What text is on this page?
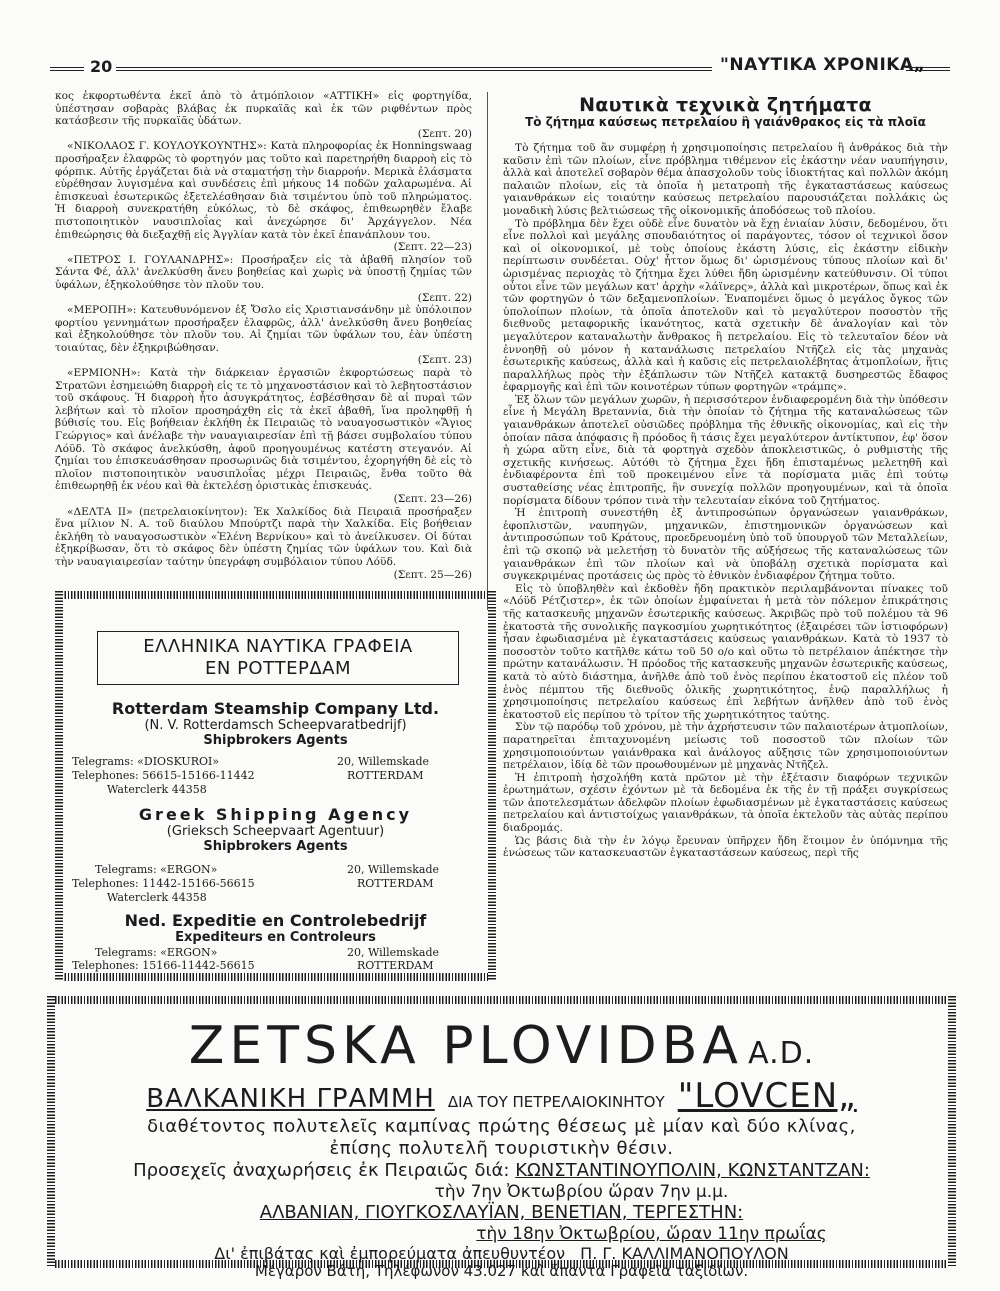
20	"ΝΑΥΤΙΚΑ ΧΡΟΝΙΚΑ„

κος ἐκφορτωθέντα ἐκεῖ ἀπὸ τὸ ἀτμόπλοιον «ΑΤΤΙΚΗ» εἰς φορτηγίδα, ὑπέστησαν σοβαρὰς βλάβας ἐκ πυρκαϊᾶς καὶ ἐκ τῶν ριφθέντων πρὸς κατάσβεσιν τῆς πυρκαϊᾶς ὑδάτων.
(Σεπτ. 20)

«ΝΙΚΟΛΑΟΣ Γ. ΚΟΥΛΟΥΚΟΥΝΤΗΣ»: Κατὰ πληροφορίας ἐκ Honningswaag προσήραξεν ἐλαφρῶς τὸ φορτηγόν μας τοῦτο καὶ παρετηρήθη διαρροὴ εἰς τὸ φόρπικ. Αὐτῆς ἐργάζεται διὰ νὰ σταματήσῃ τὴν διαρροήν. Μερικὰ ἐλάσματα εὑρέθησαν λυγισμένα καὶ συνδέσεις ἐπὶ μήκους 14 ποδῶν χαλαρωμένα. Αἱ ἐπισκευαὶ ἐσωτερικῶς ἐξετελέσθησαν διὰ τσιμέντου ὑπὸ τοῦ πληρώματος. Ἡ διαρροὴ συνεκρατήθη εὐκόλως, τὸ δὲ σκάφος, ἐπιθεωρηθὲν ἔλαβε πιστοποιητικὸν ναυσιπλοΐας καὶ ἀνεχώρησε δι' Ἀρχάγγελον. Νέα ἐπιθεώρησις θὰ διεξαχθῇ εἰς Ἀγγλίαν κατὰ τὸν ἐκεῖ ἐπανάπλουν του.
(Σεπτ. 22—23)

«ΠΕΤΡΟΣ Ι. ΓΟΥΛΑΝΔΡΗΣ»: Προσήραξεν εἰς τὰ ἀβαθῆ πλησίον τοῦ Σάντα Φέ, ἀλλ' ἀνελκύσθη ἄνευ βοηθείας καὶ χωρὶς νὰ ὑποστῇ ζημίας τῶν ὑφάλων, ἐξηκολούθησε τὸν πλοῦν του.
(Σεπτ. 22)

«ΜΕΡΟΠΗ»: Κατευθυνόμενον ἐξ Ὄσλο εἰς Χριστιανσάνδην μὲ ὑπόλοιπον φορτίου γεννημάτων προσήραξεν ἐλαφρῶς, ἀλλ' ἀνελκύσθη ἄνευ βοηθείας καὶ ἐξηκολούθησε τὸν πλοῦν του. Αἱ ζημίαι τῶν ὑφάλων του, ἐὰν ὑπέστη τοιαύτας, δὲν ἐξηκριβώθησαν.
(Σεπτ. 23)

«ΕΡΜΙΟΝΗ»: Κατὰ τὴν διάρκειαν ἐργασιῶν ἐκφορτώσεως παρὰ τὸ Στρατῶνι ἐσημειώθη διαρροὴ εἰς τε τὸ μηχανοστάσιον καὶ τὸ λεβητοστάσιον τοῦ σκάφους. Ἡ διαρροὴ ἦτο ἀσυγκράτητος, ἐσβέσθησαν δὲ αἱ πυραὶ τῶν λεβήτων καὶ τὸ πλοῖον προσηράχθη εἰς τὰ ἐκεῖ ἀβαθῆ, ἵνα προληφθῇ ἡ βύθισίς του. Εἰς βοήθειαν ἐκλήθη ἐκ Πειραιῶς τὸ ναυαγοσωστικὸν «Ἅγιος Γεώργιος» καὶ ἀνέλαβε τὴν ναυαγιαιρεσίαν ἐπὶ τῇ βάσει συμβολαίου τύπου Λόϋδ. Τὸ σκάφος ἀνελκύσθη, ἀφοῦ προηγουμένως κατέστη στεγανόν. Αἱ ζημίαι του ἐπισκευάσθησαν προσωρινῶς διὰ τσιμέντου, ἐχορηγήθη δὲ εἰς τὸ πλοῖον πιστοποιητικὸν ναυσιπλοΐας μέχρι Πειραιῶς, ἔνθα τοῦτο θὰ ἐπιθεωρηθῇ ἐκ νέου καὶ θὰ ἐκτελέσῃ ὁριστικὰς ἐπισκευάς.
(Σεπτ. 23—26)

«ΔΕΛΤΑ ΙΙ» (πετρελαιοκίνητον): Ἐκ Χαλκίδος διὰ Πειραιᾶ προσήραξεν ἕνα μίλιον Ν. Α. τοῦ διαύλου Μπούρτζι παρὰ τὴν Χαλκίδα. Εἰς βοήθειαν ἐκλήθη τὸ ναυαγοσωστικὸν «Ἐλένη Βερνίκου» καὶ τὸ ἀνείλκυσεν. Οἱ δύται ἐξηκρίβωσαν, ὅτι τὸ σκάφος δὲν ὑπέστη ζημίας τῶν ὑφάλων του. Καὶ διὰ τὴν ναυαγιαιρεσίαν ταύτην ὑπεγράφη συμβόλαιον τύπου Λόϋδ.
(Σεπτ. 25—26)

Ναυτικὰ τεχνικὰ ζητήματα
Τὸ ζήτημα καύσεως πετρελαίου ἢ γαιάνθρακος εἰς τὰ πλοῖα

Τὸ ζήτημα τοῦ ἂν συμφέρῃ ἡ χρησιμοποίησις πετρελαίου ἢ ἀνθράκος διὰ τὴν καῦσιν ἐπὶ τῶν πλοίων, εἶνε πρόβλημα τιθέμενον εἰς ἑκάστην νέαν ναυπήγησιν, ἀλλὰ καὶ ἀποτελεῖ σοβαρὸν θέμα ἀπασχολοῦν τοὺς ἰδιοκτήτας καὶ πολλῶν ἀκόμη παλαιῶν πλοίων, εἰς τὰ ὁποῖα ἡ μετατροπὴ τῆς ἐγκαταστάσεως καύσεως γαιανθράκων εἰς τοιαύτην καύσεως πετρελαίου παρουσιάζεται πολλάκις ὡς μοναδικὴ λύσις βελτιώσεως τῆς οἰκονομικῆς ἀποδόσεως τοῦ πλοίου.

Τὸ πρόβλημα δὲν ἔχει οὐδὲ εἶνε δυνατὸν νὰ ἔχῃ ἑνιαίαν λύσιν, δεδομένου, ὅτι εἶνε πολλοὶ καὶ μεγάλης σπουδαιότητος οἱ παράγοντες, τόσον οἱ τεχνικοὶ ὅσον καὶ οἱ οἰκονομικοί, μὲ τοὺς ὁποίους ἑκάστη λύσις, εἰς ἑκάστην εἰδικὴν περίπτωσιν συνδέεται. Οὐχ' ἧττον ὅμως δι' ὡρισμένους τύπους πλοίων καὶ δι' ὡρισμένας περιοχὰς τὸ ζήτημα ἔχει λύθει ἤδη ὡρισμένην κατεύθυνσιν. Οἱ τύποι οὗτοι εἶνε τῶν μεγάλων κατ' ἀρχὴν «λάϊνερς», ἀλλὰ καὶ μικροτέρων, ὅπως καὶ ἐκ τῶν φορτηγῶν ὁ τῶν δεξαμενοπλοίων. Ἐναπομένει ὅμως ὁ μεγάλος ὄγκος τῶν ὑπολοίπων πλοίων, τὰ ὁποῖα ἀποτελοῦν καὶ τὸ μεγαλύτερον ποσοστὸν τῆς διεθνοῦς μεταφορικῆς ἱκανότητος, κατὰ σχετικὴν δὲ ἀναλογίαν καὶ τὸν μεγαλύτερον καταναλωτὴν ἄνθρακος ἢ πετρελαίου. Εἰς τὸ τελευταῖον δέον νὰ ἐννοηθῇ οὐ μόνον ἡ κατανάλωσις πετρελαίου Ντῆζελ εἰς τὰς μηχανὰς ἐσωτερικῆς καύσεως, ἀλλὰ καὶ ἡ καῦσις εἰς πετρελαιολέβητας ἀτμοπλοίων, ἥτις παραλλήλως πρὸς τὴν ἐξάπλωσιν τῶν Ντῆζελ κατακτᾷ δυσηρεστῶς ἔδαφος ἐφαρμογῆς καὶ ἐπὶ τῶν κοινοτέρων τύπων φορτηγῶν «τράμπς».

Ἐξ ὅλων τῶν μεγάλων χωρῶν, ἡ περισσότερον ἐνδιαφερομένη διὰ τὴν ὑπόθεσιν εἶνε ἡ Μεγάλη Βρεταννία, διὰ τὴν ὁποίαν τὸ ζήτημα τῆς καταναλώσεως τῶν γαιανθράκων ἀποτελεῖ οὐσιῶδες πρόβλημα τῆς ἐθνικῆς οἰκονομίας, καὶ εἰς τὴν ὁποίαν πᾶσα ἀπόφασις ἢ πρόοδος ἢ τάσις ἔχει μεγαλύτερον ἀντίκτυπον, ἐφ' ὅσον ἡ χώρα αὕτη εἶνε, διὰ τὰ φορτηγὰ σχεδὸν ἀποκλειστικῶς, ὁ ρυθμιστὴς τῆς σχετικῆς κινήσεως. Αὐτόθι τὸ ζήτημα ἔχει ἤδη ἐπισταμένως μελετηθῆ καὶ ἐνδιαφέροντα ἐπὶ τοῦ προκειμένου εἶνε τὰ πορίσματα μιᾶς ἐπὶ τούτῳ συσταθείσης νέας ἐπιτροπῆς, ἣν συνεχίᾳ πολλῶν προηγουμένων, καὶ τὰ ὁποῖα πορίσματα δίδουν τρόπον τινὰ τὴν τελευταίαν εἰκόνα τοῦ ζητήματος.

Ἡ ἐπιτροπὴ συνεστήθη ἐξ ἀντιπροσώπων ὀργανώσεων γαιανθράκων, ἐφοπλιστῶν, ναυπηγῶν, μηχανικῶν, ἐπιστημονικῶν ὀργανώσεων καὶ ἀντιπροσώπων τοῦ Κράτους, προεδρευομένη ὑπὸ τοῦ ὑπουργοῦ τῶν Μεταλλείων, ἐπὶ τῷ σκοπῷ νὰ μελετήσῃ τὸ δυνατὸν τῆς αὐξήσεως τῆς καταναλώσεως τῶν γαιανθράκων ἐπὶ τῶν πλοίων καὶ νὰ ὑποβάλῃ σχετικὰ πορίσματα καὶ συγκεκριμένας προτάσεις ὡς πρὸς τὸ ἐθνικὸν ἐνδιαφέρον ζήτημα τοῦτο.

Εἰς τὸ ὑποβληθὲν καὶ ἐκδοθὲν ἤδη πρακτικὸν περιλαμβάνονται πίνακες τοῦ «Λόϋδ Ρέτζιστερ», ἐκ τῶν ὁποίων ἐμφαίνεται ἡ μετὰ τὸν πόλεμον ἐπικράτησις τῆς κατασκευῆς μηχανῶν ἐσωτερικῆς καύσεως. Ἀκριβῶς πρὸ τοῦ πολέμου τὰ 96 ἑκατοστὰ τῆς συνολικῆς παγκοσμίου χωρητικότητος (ἐξαιρέσει τῶν ἱστιοφόρων) ἦσαν ἐφωδιασμένα μὲ ἐγκαταστάσεις καύσεως γαιανθράκων. Κατὰ τὸ 1937 τὸ ποσοστὸν τοῦτο κατῆλθε κάτω τοῦ 50 ο/ο καὶ οὕτω τὸ πετρέλαιον ἀπέκτησε τὴν πρώτην κατανάλωσιν. Ἡ πρόοδος τῆς κατασκευῆς μηχανῶν ἐσωτερικῆς καύσεως, κατὰ τὸ αὐτὸ διάστημα, ἀνῆλθε ἀπὸ τοῦ ἑνὸς περίπου ἑκατοστοῦ εἰς πλέον τοῦ ἑνὸς πέμπτου τῆς διεθνοῦς ὁλικῆς χωρητικότητος, ἐνῷ παραλλήλως ἡ χρησιμοποίησις πετρελαίου καύσεως ἐπὶ λεβήτων ἀνῆλθεν ἀπὸ τοῦ ἑνὸς ἑκατοστοῦ εἰς περίπου τὸ τρίτον τῆς χωρητικότητος ταύτης.

Σὺν τῷ παρόδῳ τοῦ χρόνου, μὲ τὴν ἀχρήστευσιν τῶν παλαιοτέρων ἀτμοπλοίων, παρατηρεῖται ἐπιταχυνομένη μείωσις τοῦ ποσοστοῦ τῶν πλοίων τῶν χρησιμοποιούντων γαιάνθρακα καὶ ἀνάλογος αὔξησις τῶν χρησιμοποιούντων πετρέλαιον, ἰδίᾳ δὲ τῶν προωθουμένων μὲ μηχανὰς Ντῆζελ.

Ἡ ἐπιτροπὴ ἠσχολήθη κατὰ πρῶτον μὲ τὴν ἐξέτασιν διαφόρων τεχνικῶν ἐρωτημάτων, σχέσιν ἐχόντων μὲ τὰ δεδομένα ἐκ τῆς ἐν τῇ πράξει συγκρίσεως τῶν ἀποτελεσμάτων ἀδελφῶν πλοίων ἐφωδιασμένων μὲ ἐγκαταστάσεις καύσεως πετρελαίου καὶ ἀντιστοίχως γαιανθράκων, τὰ ὁποῖα ἐκτελοῦν τὰς αὐτὰς περίπου διαδρομάς.

Ὡς βάσις διὰ τὴν ἐν λόγῳ ἔρευναν ὑπῆρχεν ἤδη ἕτοιμον ἐν ὑπόμνημα τῆς ἑνώσεως τῶν κατασκευαστῶν ἐγκαταστάσεων καύσεως, περὶ τῆς

ΕΛΛΗΝΙΚΑ ΝΑΥΤΙΚΑ ΓΡΑΦΕΙΑ
ΕΝ ΡΟΤΤΕΡΔΑΜ
Rotterdam Steamship Company Ltd.
(N. V. Rotterdamsch Scheepvaratbedrijf)
Shipbrokers Agents
Telegrams: «DIOSKUROI»
Telephones: 56615-15166-11442
Waterclerk 44358
20, Willemskade
ROTTERDAM
Greek Shipping Agency
(Grieksch Scheepvaart Agentuur)
Shipbrokers Agents
Telegrams: «ERGON»
Telephones: 11442-15166-56615
Waterclerk 44358
20, Willemskade
ROTTERDAM
Ned. Expeditie en Controlebedrijf
Expediteurs en Controleurs
Telegrams: «ERGON»
Telephones: 15166-11442-56615
20, Willemskade
ROTTERDAM
ZETSKA PLOVIDBA A.D.
ΒΑΛΚΑΝΙΚΗ ΓΡΑΜΜΗ ΔΙΑ ΤΟΥ ΠΕΤΡΕΛΑΙΟΚΙΝΗΤΟΥ "LOVCEN„
διαθέτοντος πολυτελεῖς καμπίνας πρώτης θέσεως μὲ μίαν καὶ δύο κλίνας,
ἐπίσης πολυτελῆ τουριστικὴν θέσιν.
Προσεχεῖς ἀναχωρήσεις ἐκ Πειραιῶς διά: ΚΩΝΣΤΑΝΤΙΝΟΥΠΟΛΙΝ, ΚΩΝΣΤΑΝΤΖΑΝ:
τὴν 7ην Ὀκτωβρίου ὥραν 7ην μ.μ.
ΑΛΒΑΝΙΑΝ, ΓΙΟΥΓΚΟΣΛΑΥΪΑΝ, ΒΕΝΕΤΙΑΝ, ΤΕΡΓΕΣΤΗΝ:
τὴν 18ην Ὀκτωβρίου, ὥραν 11ην πρωΐας
Δι' ἐπιβάτας καὶ ἐμπορεύματα ἀπευθυντέον Π. Γ. ΚΑΛΛΙΜΑΝΟΠΟΥΛΟΝ
Μέγαρον Βάτη, Τηλέφωνον 43.027 καὶ ἅπαντα Γραφεῖα ταξιδίων.
